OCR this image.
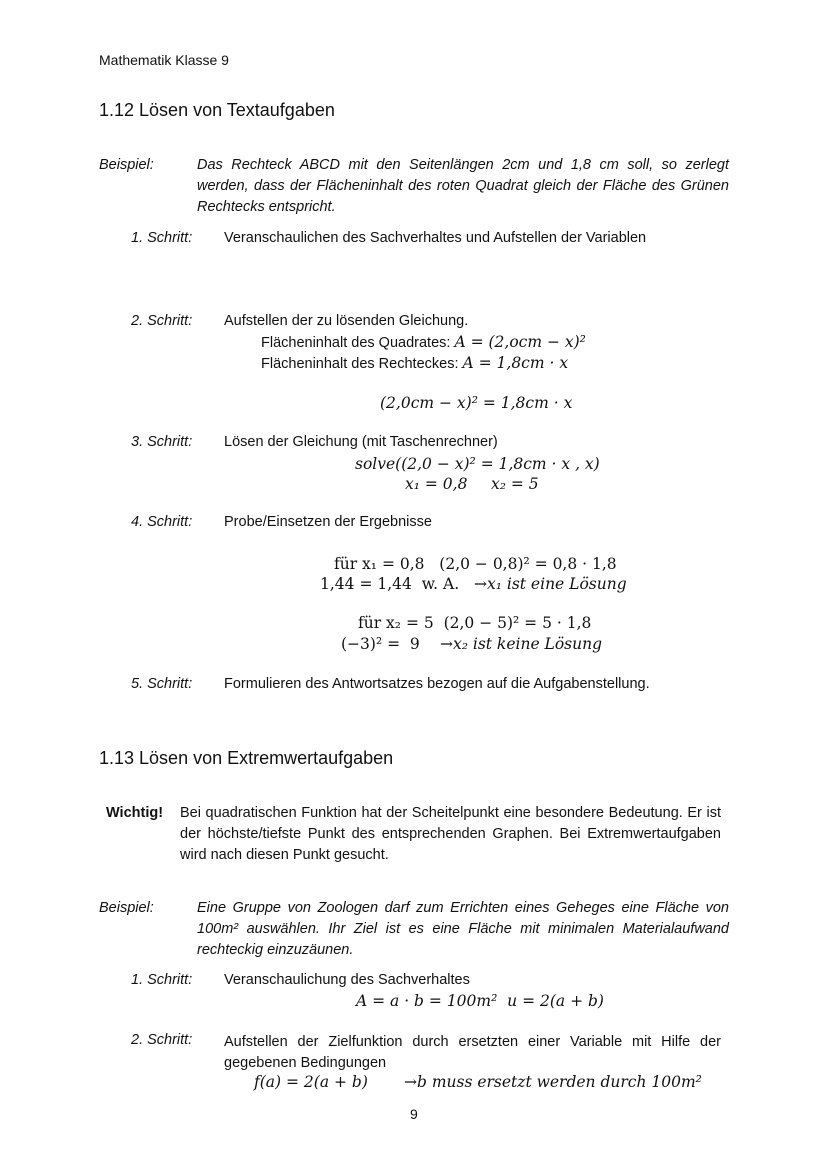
Mathematik Klasse 9
1.12 Lösen von Textaufgaben
Beispiel:	Das Rechteck ABCD mit den Seitenlängen 2cm und 1,8 cm soll, so zerlegt werden, dass der Flächeninhalt des roten Quadrat gleich der Fläche des Grünen Rechtecks entspricht.
1. Schritt: Veranschaulichen des Sachverhaltes und Aufstellen der Variablen
2. Schritt: Aufstellen der zu lösenden Gleichung.
Flächeninhalt des Quadrates: A = (2,ocm − x)²
Flächeninhalt des Rechteckes: A = 1,8cm · x
(2,0cm − x)² = 1,8cm · x
3. Schritt: Lösen der Gleichung (mit Taschenrechner)
solve((2,0 − x)² = 1,8cm · x , x)
x₁ = 0,8 x₂ = 5
4. Schritt: Probe/Einsetzen der Ergebnisse
für x₁ = 0,8   (2,0 − 0,8)² = 0,8 · 1,8
1,44 = 1,44  w. A. →x₁ ist eine Lösung
für x₂ = 5  (2,0 − 5)² = 5 · 1,8
(−3)² =  9 →x₂ ist keine Lösung
5. Schritt: Formulieren des Antwortsatzes bezogen auf die Aufgabenstellung.
1.13 Lösen von Extremwertaufgaben
Wichtig! Bei quadratischen Funktion hat der Scheitelpunkt eine besondere Bedeutung. Er ist der höchste/tiefste Punkt des entsprechenden Graphen. Bei Extremwertaufgaben wird nach diesen Punkt gesucht.
Beispiel:	Eine Gruppe von Zoologen darf zum Errichten eines Geheges eine Fläche von 100m² auswählen. Ihr Ziel ist es eine Fläche mit minimalen Materialaufwand rechteckig einzuzäunen.
1. Schritt: Veranschaulichung des Sachverhaltes
A = a · b = 100m²  u = 2(a + b)
2. Schritt: Aufstellen der Zielfunktion durch ersetzten einer Variable mit Hilfe der gegebenen Bedingungen
f(a) = 2(a + b) →b muss ersetzt werden durch 100m²
9
